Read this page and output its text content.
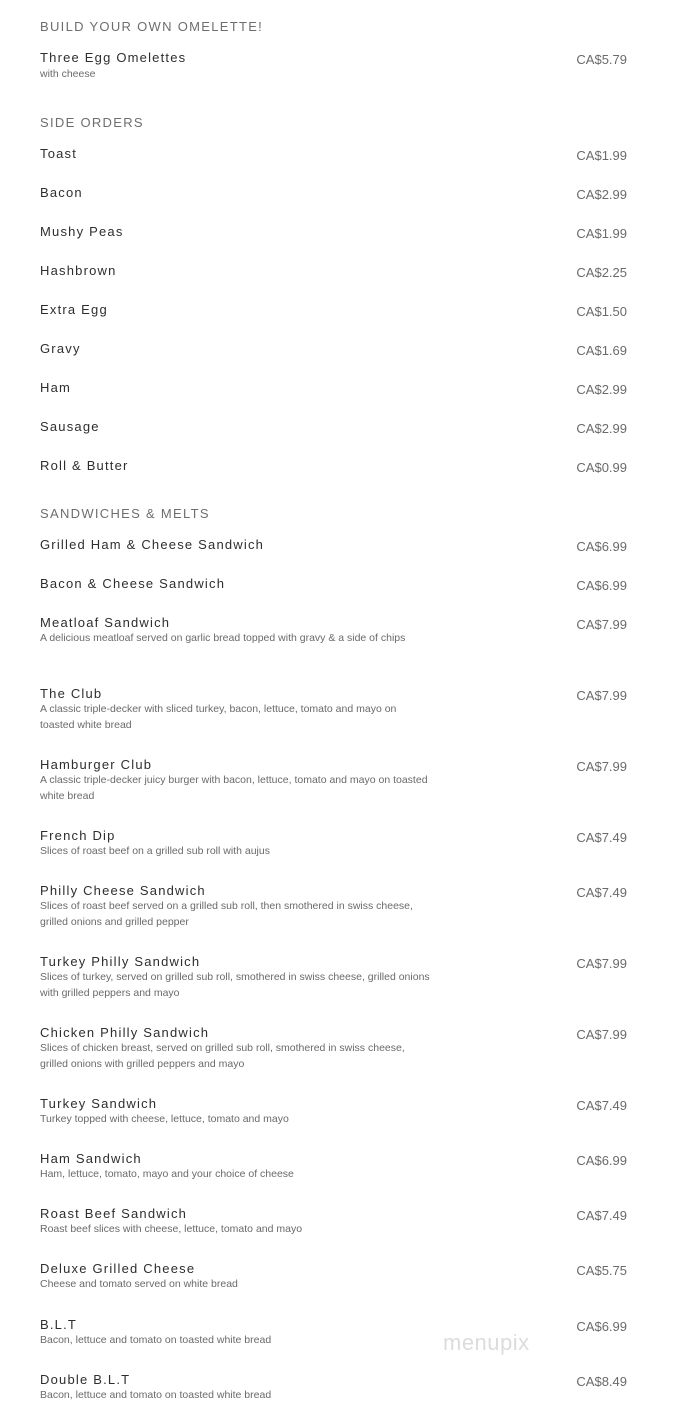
BUILD YOUR OWN OMELETTE!
Three Egg Omelettes	CA$5.79
with cheese
SIDE ORDERS
Toast	CA$1.99
Bacon	CA$2.99
Mushy Peas	CA$1.99
Hashbrown	CA$2.25
Extra Egg	CA$1.50
Gravy	CA$1.69
Ham	CA$2.99
Sausage	CA$2.99
Roll & Butter	CA$0.99
SANDWICHES & MELTS
Grilled Ham & Cheese Sandwich	CA$6.99
Bacon & Cheese Sandwich	CA$6.99
Meatloaf Sandwich	CA$7.99
A delicious meatloaf served on garlic bread topped with gravy & a side of chips
The Club	CA$7.99
A classic triple-decker with sliced turkey, bacon, lettuce, tomato and mayo on toasted white bread
Hamburger Club	CA$7.99
A classic triple-decker juicy burger with bacon, lettuce, tomato and mayo on toasted white bread
French Dip	CA$7.49
Slices of roast beef on a grilled sub roll with aujus
Philly Cheese Sandwich	CA$7.49
Slices of roast beef served on a grilled sub roll, then smothered in swiss cheese, grilled onions and grilled pepper
Turkey Philly Sandwich	CA$7.99
Slices of turkey, served on grilled sub roll, smothered in swiss cheese, grilled onions with grilled peppers and mayo
Chicken Philly Sandwich	CA$7.99
Slices of chicken breast, served on grilled sub roll, smothered in swiss cheese, grilled onions with grilled peppers and mayo
Turkey Sandwich	CA$7.49
Turkey topped with cheese, lettuce, tomato and mayo
Ham Sandwich	CA$6.99
Ham, lettuce, tomato, mayo and your choice of cheese
Roast Beef Sandwich	CA$7.49
Roast beef slices with cheese, lettuce, tomato and mayo
Deluxe Grilled Cheese	CA$5.75
Cheese and tomato served on white bread
B.L.T	CA$6.99
Bacon, lettuce and tomato on toasted white bread
Double B.L.T	CA$8.49
Bacon, lettuce and tomato on toasted white bread
menupix
